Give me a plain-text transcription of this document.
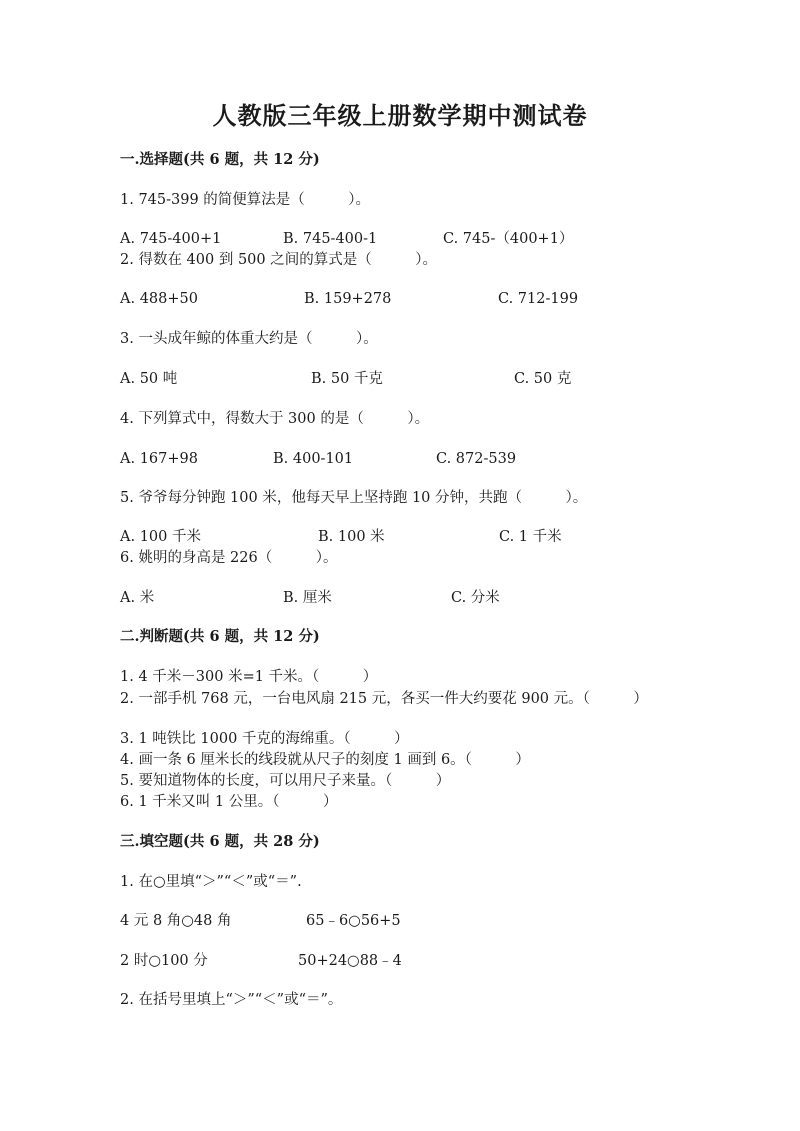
人教版三年级上册数学期中测试卷
一.选择题(共 6 题，共 12 分)
1. 745-399 的简便算法是（　　　）。
A. 745-400+1	B. 745-400-1	C. 745-（400+1）
2. 得数在 400 到 500 之间的算式是（　　　）。
A. 488+50	B. 159+278	C. 712-199
3. 一头成年鲸的体重大约是（　　　）。
A. 50 吨	B. 50 千克	C. 50 克
4. 下列算式中，得数大于 300 的是（　　　）。
A. 167+98	B. 400-101	C. 872-539
5. 爷爷每分钟跑 100 米，他每天早上坚持跑 10 分钟，共跑（　　　）。
A. 100 千米	B. 100 米	C. 1 千米
6. 姚明的身高是 226（　　　）。
A. 米	B. 厘米	C. 分米
二.判断题(共 6 题，共 12 分)
1. 4 千米－300 米=1 千米。（　　　）
2. 一部手机 768 元，一台电风扇 215 元，各买一件大约要花 900 元。（　　　）
3. 1 吨铁比 1000 千克的海绵重。（　　　）
4. 画一条 6 厘米长的线段就从尺子的刻度 1 画到 6。（　　　）
5. 要知道物体的长度，可以用尺子来量。（　　　）
6. 1 千米又叫 1 公里。（　　　）
三.填空题(共 6 题，共 28 分)
1. 在○里填“＞”“＜”或“＝”.
4 元 8 角○48 角	65﹣6○56+5
2 时○100 分	50+24○88﹣4
2. 在括号里填上“＞”“＜”或“＝”。
